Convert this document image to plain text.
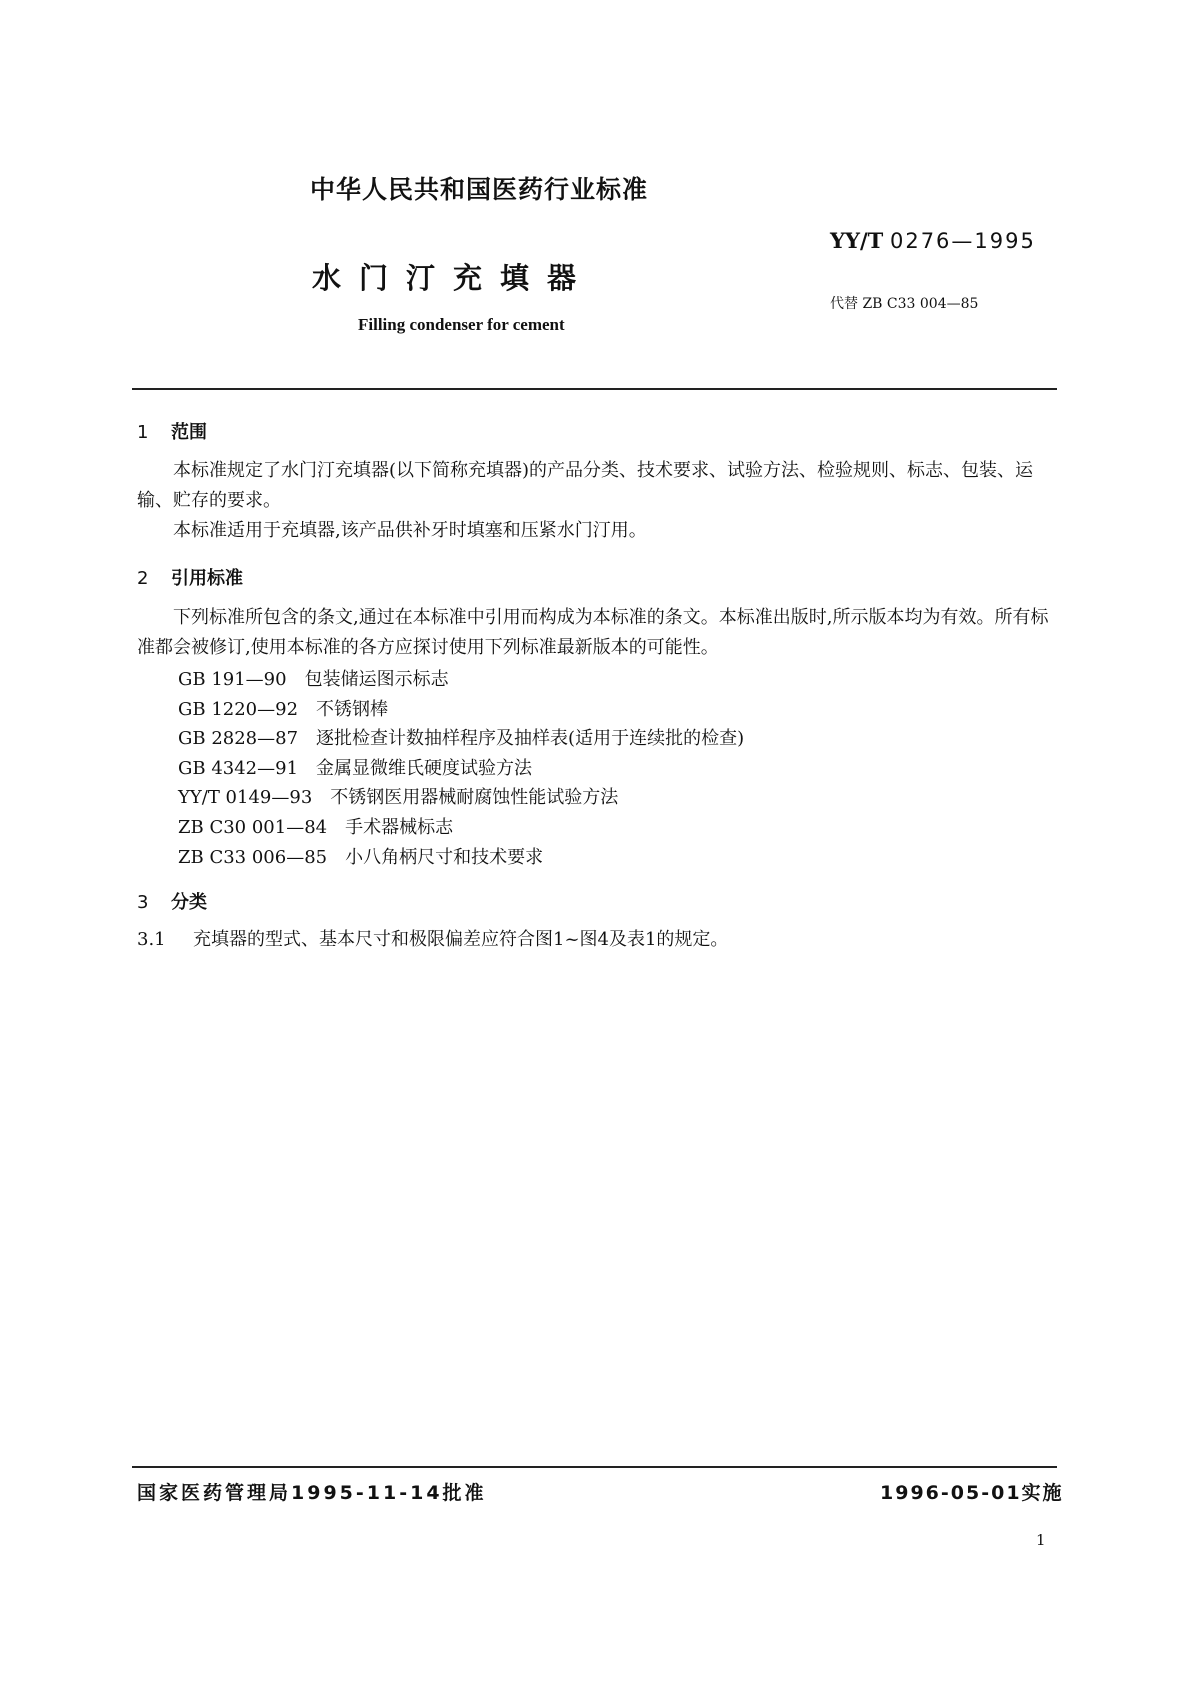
中华人民共和国医药行业标准
水门汀充填器
Filling condenser for cement
YY/T 0276—1995
代替 ZB C33 004—85
1 范围
本标准规定了水门汀充填器(以下简称充填器)的产品分类、技术要求、试验方法、检验规则、标志、包装、运输、贮存的要求。
本标准适用于充填器,该产品供补牙时填塞和压紧水门汀用。
2 引用标准
下列标准所包含的条文,通过在本标准中引用而构成为本标准的条文。本标准出版时,所示版本均为有效。所有标准都会被修订,使用本标准的各方应探讨使用下列标准最新版本的可能性。
GB 191—90 包装储运图示标志
GB 1220—92 不锈钢棒
GB 2828—87 逐批检查计数抽样程序及抽样表(适用于连续批的检查)
GB 4342—91 金属显微维氏硬度试验方法
YY/T 0149—93 不锈钢医用器械耐腐蚀性能试验方法
ZB C30 001—84 手术器械标志
ZB C33 006—85 小八角柄尺寸和技术要求
3 分类
3.1 充填器的型式、基本尺寸和极限偏差应符合图1~图4及表1的规定。
国家医药管理局1995-11-14批准	1996-05-01实施
1
